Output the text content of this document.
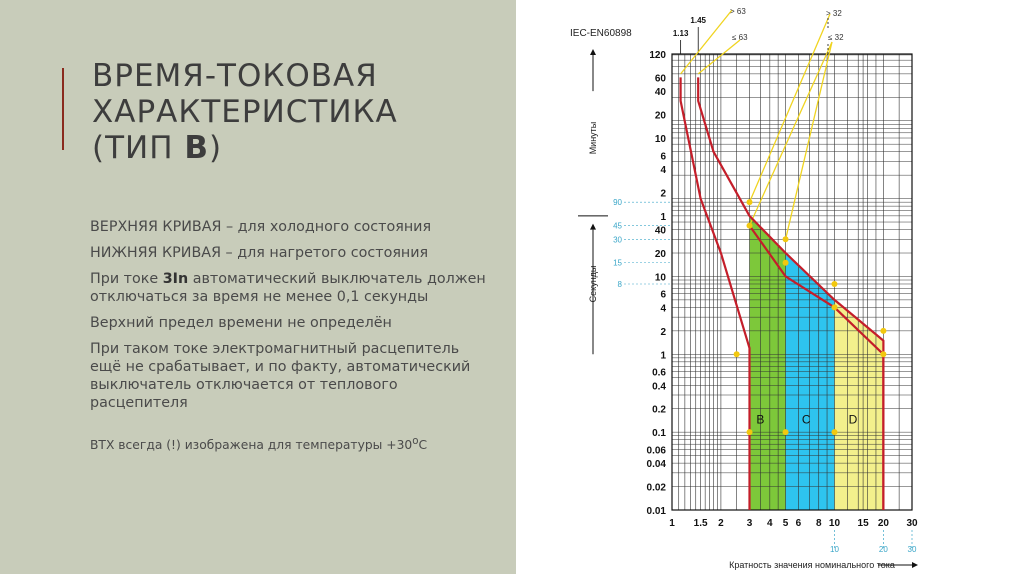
ВРЕМЯ-ТОКОВАЯ
ХАРАКТЕРИСТИКА
(ТИП B)

ВЕРХНЯЯ КРИВАЯ – для холодного состояния

НИЖНЯЯ КРИВАЯ – для нагретого состояния

При токе 3In автоматический выключатель должен отключаться за время не менее 0,1 секунды

Верхний предел времени не определён

При таком токе электромагнитный расцепитель ещё не срабатывает, и по факту, автоматический выключатель отключается от теплового расцепителя

ВТХ всегда (!) изображена для температуры $+30^оС$

120
60
40
20
10
6
4
2
1
40
20
10
6
4
2
1
0.6
0.4
0.2
0.1
0.06
0.04
0.02
0.01
90
45
30
15
8
Минуты
Секунды
1 1.5 2 3 4 5 6 8 10 15 20 30
10	20 30
Кратность значения номинального тока
IEC-EN60898
1.45
1.13
> 63
≤ 63
> 32
≤ 32
B	C	D
